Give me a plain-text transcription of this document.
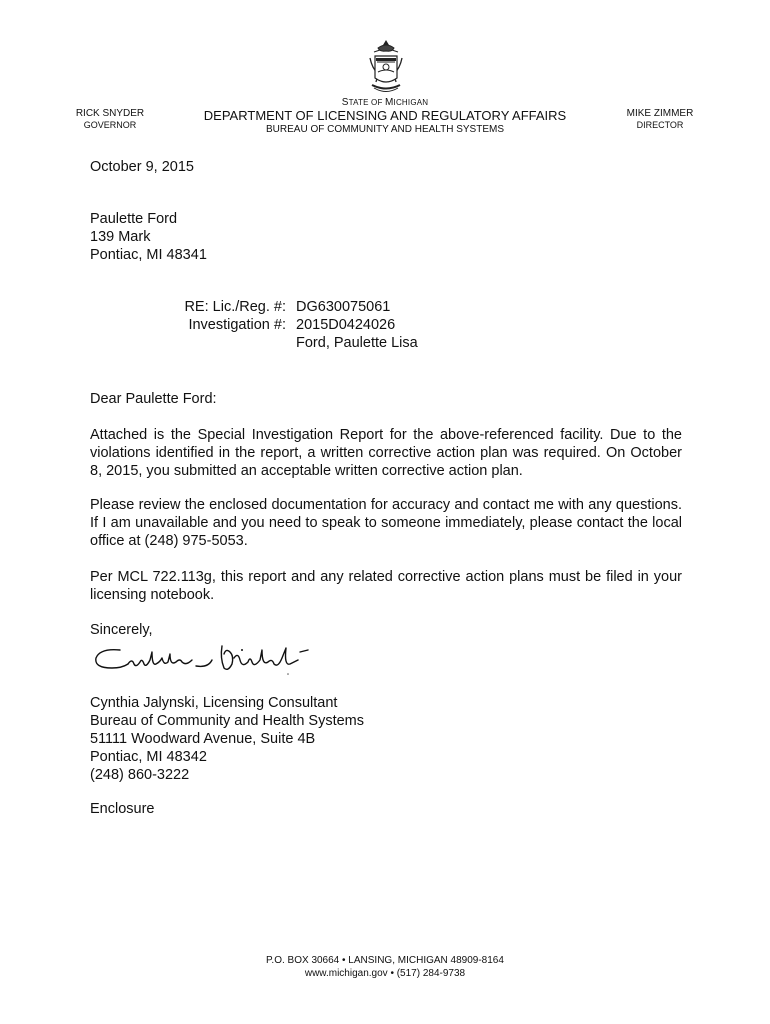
STATE OF MICHIGAN
DEPARTMENT OF LICENSING AND REGULATORY AFFAIRS
BUREAU OF COMMUNITY AND HEALTH SYSTEMS
RICK SNYDER
GOVERNOR
MIKE ZIMMER
DIRECTOR
October 9, 2015
Paulette Ford
139 Mark
Pontiac, MI 48341
RE: Lic./Reg. #:
Investigation #:
DG630075061
2015D0424026
Ford, Paulette Lisa
Dear Paulette Ford:
Attached is the Special Investigation Report for the above-referenced facility. Due to the violations identified in the report, a written corrective action plan was required. On October 8, 2015, you submitted an acceptable written corrective action plan.
Please review the enclosed documentation for accuracy and contact me with any questions. If I am unavailable and you need to speak to someone immediately, please contact the local office at (248) 975-5053.
Per MCL 722.113g, this report and any related corrective action plans must be filed in your licensing notebook.
Sincerely,
Cynthia Jalynski, Licensing Consultant
Bureau of Community and Health Systems
51111 Woodward Avenue, Suite 4B
Pontiac, MI 48342
(248) 860-3222
Enclosure
P.O. BOX 30664 • LANSING, MICHIGAN 48909-8164
www.michigan.gov • (517) 284-9738
